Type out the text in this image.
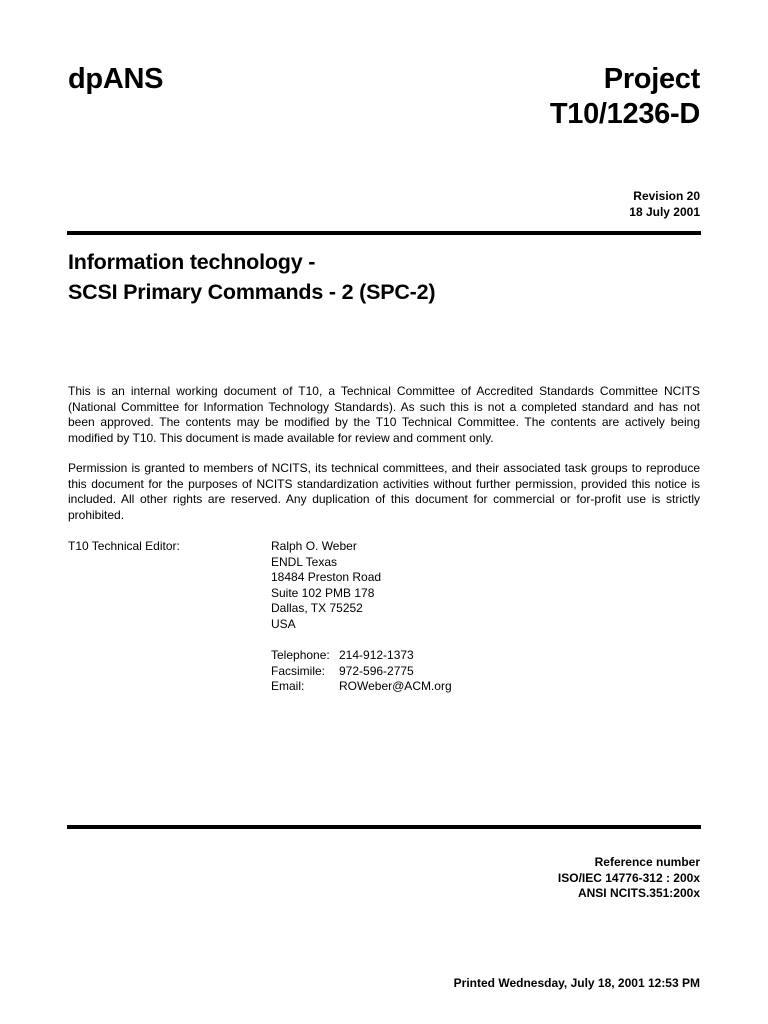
dpANS	Project
T10/1236-D
Revision 20
18 July 2001
Information technology -
SCSI Primary Commands - 2 (SPC-2)

This is an internal working document of T10, a Technical Committee of Accredited Standards Committee NCITS (National Committee for Information Technology Standards). As such this is not a completed standard and has not been approved. The contents may be modified by the T10 Technical Committee. The contents are actively being modified by T10. This document is made available for review and comment only.

Permission is granted to members of NCITS, its technical committees, and their associated task groups to reproduce this document for the purposes of NCITS standardization activities without further permission, provided this notice is included. All other rights are reserved. Any duplication of this document for commercial or for-profit use is strictly prohibited.

T10 Technical Editor:	Ralph O. Weber
ENDL Texas
18484 Preston Road
Suite 102 PMB 178
Dallas, TX 75252
USA
Telephone: 214-912-1373
Facsimile:	972-596-2775
Email:	ROWeber@ACM.org
Reference number
ISO/IEC 14776-312 : 200x
ANSI NCITS.351:200x
Printed Wednesday, July 18, 2001 12:53 PM
